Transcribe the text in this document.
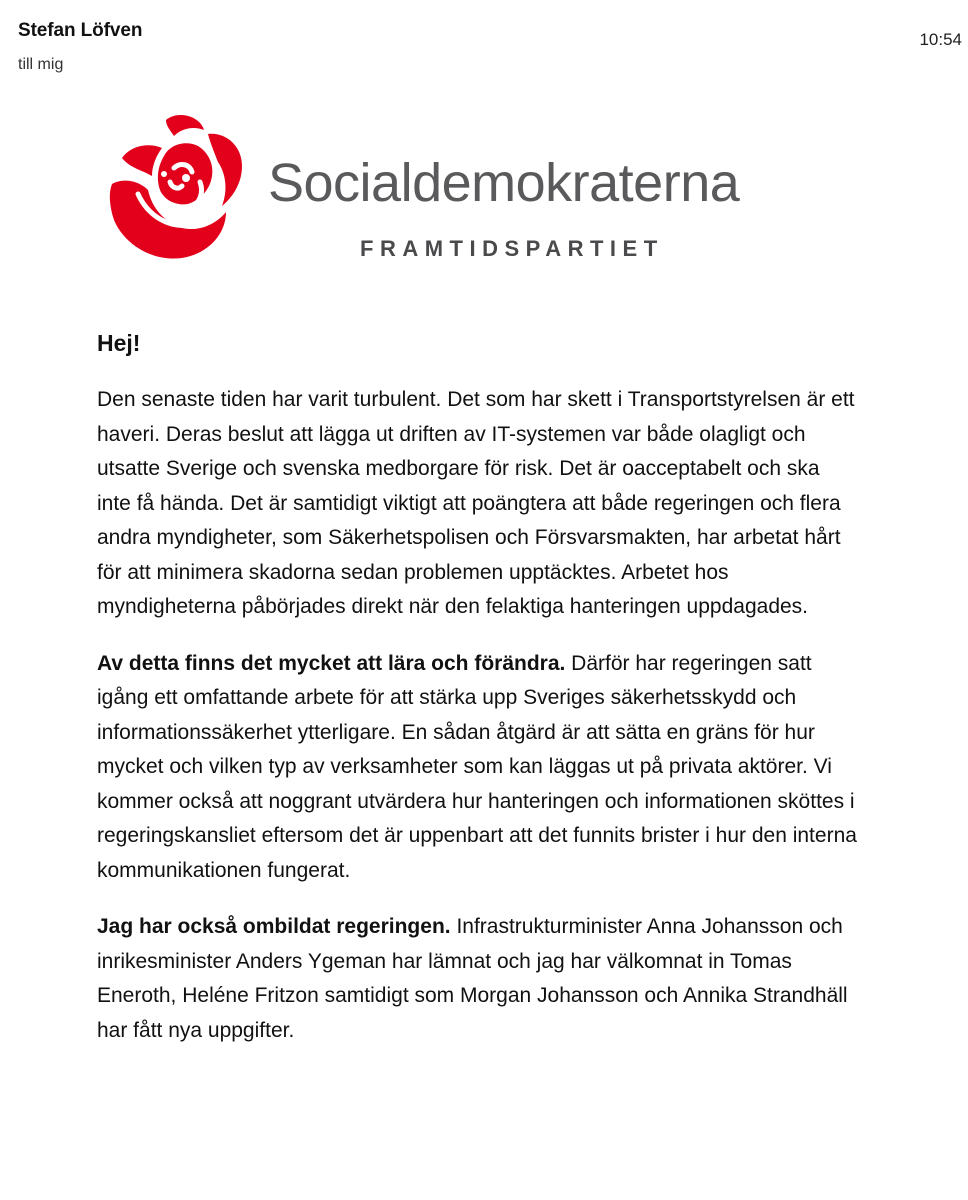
Stefan Löfven
till mig
10:54
Socialdemokraterna
FRAMTIDSPARTIET
Hej!

Den senaste tiden har varit turbulent. Det som har skett i Transportstyrelsen är ett haveri. Deras beslut att lägga ut driften av IT-systemen var både olagligt och utsatte Sverige och svenska medborgare för risk. Det är oacceptabelt och ska inte få hända. Det är samtidigt viktigt att poängtera att både regeringen och flera andra myndigheter, som Säkerhetspolisen och Försvarsmakten, har arbetat hårt för att minimera skadorna sedan problemen upptäcktes. Arbetet hos myndigheterna påbörjades direkt när den felaktiga hanteringen uppdagades.

Av detta finns det mycket att lära och förändra. Därför har regeringen satt igång ett omfattande arbete för att stärka upp Sveriges säkerhetsskydd och informationssäkerhet ytterligare. En sådan åtgärd är att sätta en gräns för hur mycket och vilken typ av verksamheter som kan läggas ut på privata aktörer. Vi kommer också att noggrant utvärdera hur hanteringen och informationen sköttes i regeringskansliet eftersom det är uppenbart att det funnits brister i hur den interna kommunikationen fungerat.

Jag har också ombildat regeringen. Infrastrukturminister Anna Johansson och inrikesminister Anders Ygeman har lämnat och jag har välkomnat in Tomas Eneroth, Heléne Fritzon samtidigt som Morgan Johansson och Annika Strandhäll har fått nya uppgifter.
